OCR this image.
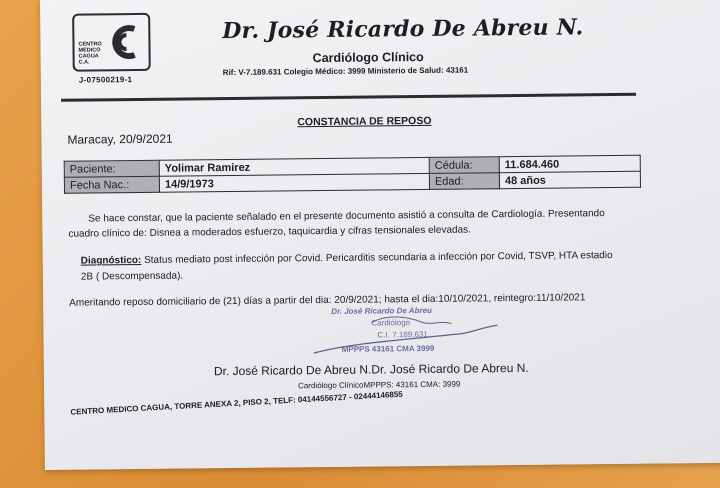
CENTRO MEDICO CAGUA C.A.
J-07500219-1
Dr. José Ricardo De Abreu N.
Cardiólogo Clínico
Rif: V-7.189.631 Colegio Médico: 3999 Ministerio de Salud: 43161
CONSTANCIA DE REPOSO
Maracay, 20/9/2021
Paciente:	Yolimar Ramirez	Cédula:	11.684.460
Fecha Nac.:	14/9/1973	Edad:	48 años
Se hace constar, que la paciente señalado en el presente documento asistió a consulta de Cardiología. Presentando
cuadro clínico de: Disnea a moderados esfuerzo, taquicardia y cifras tensionales elevadas.
Diagnóstico: Status mediato post infección por Covid. Pericarditis secundaria a infección por Covid, TSVP, HTA estadio
2B ( Descompensada).
Ameritando reposo domiciliario de (21) días a partir del dia: 20/9/2021; hasta el dia:10/10/2021, reintegro:11/10/2021
Dr. José Ricardo De Abreu
Cardiólogo
C.I. 7.189.631
MPPPS 43161 CMA 3999
Dr. José Ricardo De Abreu N.Dr. José Ricardo De Abreu N.
Cardiólogo ClínicoMPPPS: 43161 CMA: 3999
CENTRO MEDICO CAGUA, TORRE ANEXA 2, PISO 2, TELF: 04144556727 - 02444146855
